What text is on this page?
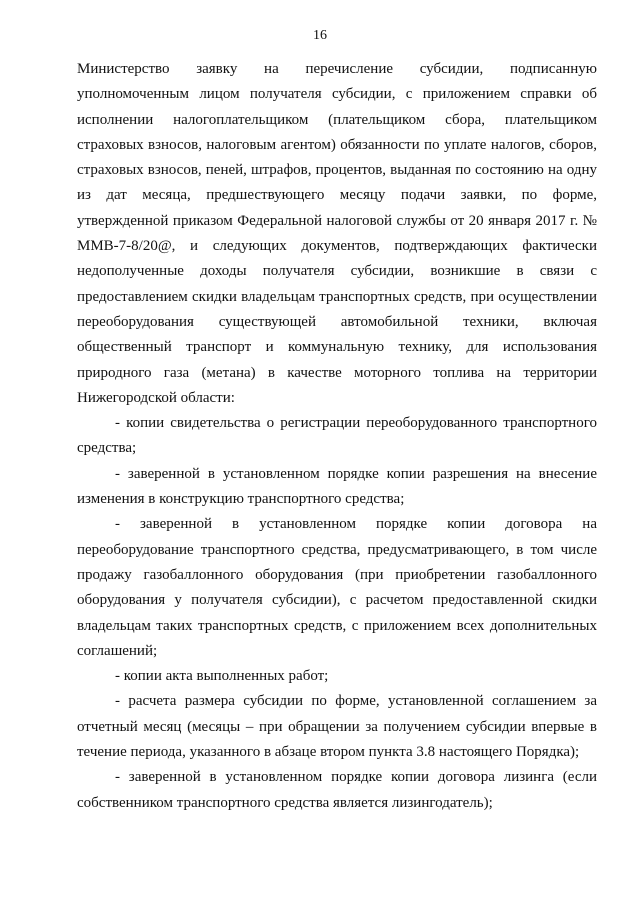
16

Министерство заявку на перечисление субсидии, подписанную уполномоченным лицом получателя субсидии, с приложением справки об исполнении налогоплательщиком (плательщиком сбора, плательщиком страховых взносов, налоговым агентом) обязанности по уплате налогов, сборов, страховых взносов, пеней, штрафов, процентов, выданная по состоянию на одну из дат месяца, предшествующего месяцу подачи заявки, по форме, утвержденной приказом Федеральной налоговой службы от 20 января 2017 г. № ММВ-7-8/20@, и следующих документов, подтверждающих фактически недополученные доходы получателя субсидии, возникшие в связи с предоставлением скидки владельцам транспортных средств, при осуществлении переоборудования существующей автомобильной техники, включая общественный транспорт и коммунальную технику, для использования природного газа (метана) в качестве моторного топлива на территории Нижегородской области:

- копии свидетельства о регистрации переоборудованного транспортного средства;

- заверенной в установленном порядке копии разрешения на внесение изменения в конструкцию транспортного средства;

- заверенной в установленном порядке копии договора на переоборудование транспортного средства, предусматривающего, в том числе продажу газобаллонного оборудования (при приобретении газобаллонного оборудования у получателя субсидии), с расчетом предоставленной скидки владельцам таких транспортных средств, с приложением всех дополнительных соглашений;

- копии акта выполненных работ;

- расчета размера субсидии по форме, установленной соглашением за отчетный месяц (месяцы – при обращении за получением субсидии впервые в течение периода, указанного в абзаце втором пункта 3.8 настоящего Порядка);

- заверенной в установленном порядке копии договора лизинга (если собственником транспортного средства является лизингодатель);
